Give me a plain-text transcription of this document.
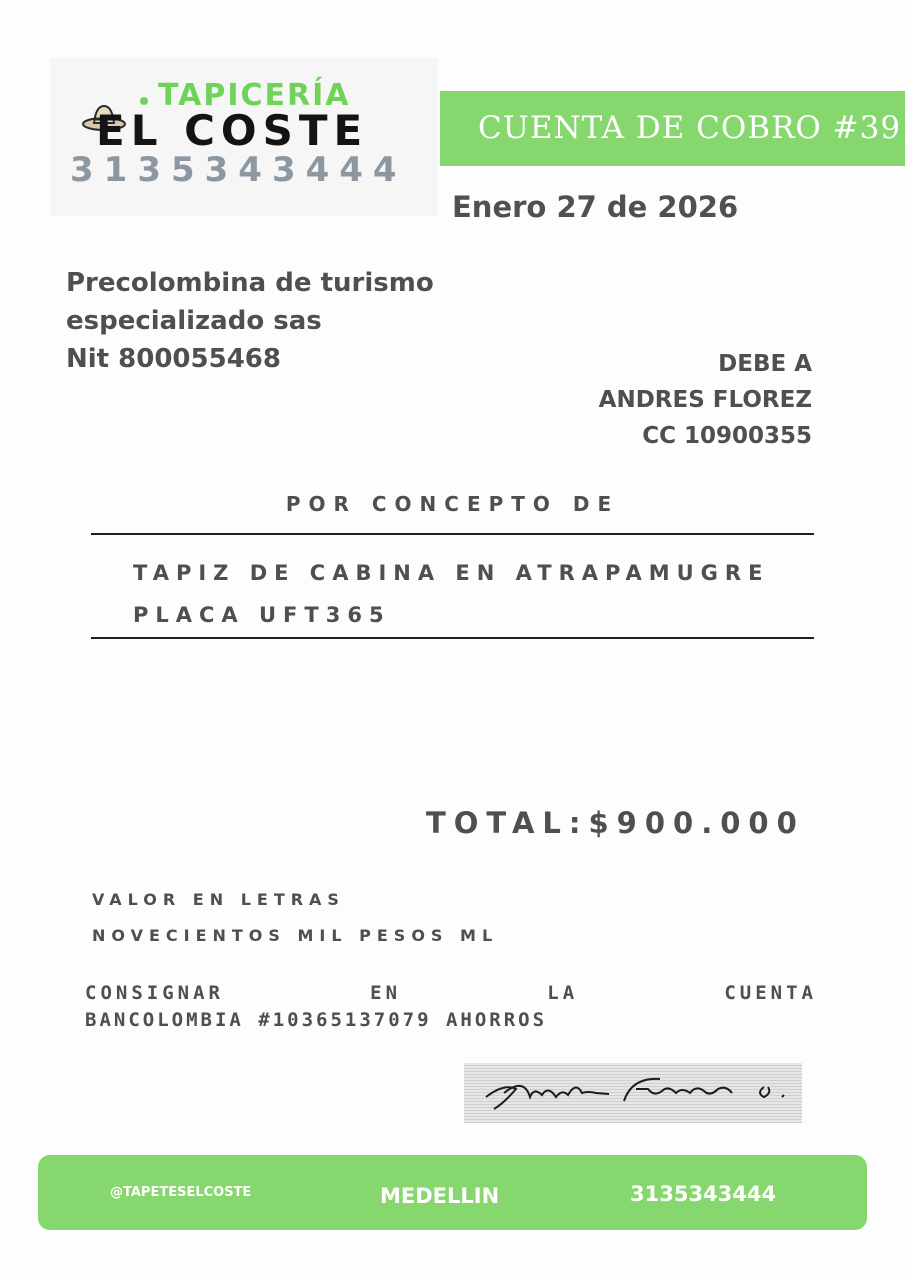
TAPICERÍA
EL COSTE
3135343444
CUENTA DE COBRO #39
Enero 27 de 2026
Precolombina de turismo
especializado sas
Nit 800055468	DEBE A
ANDRES FLOREZ
CC 10900355
POR CONCEPTO DE
TAPIZ DE CABINA EN ATRAPAMUGRE
PLACA UFT365
TOTAL:$900.000
VALOR EN LETRAS
NOVECIENTOS MIL PESOS ML
CONSIGNAR	EN	LA	CUENTA
BANCOLOMBIA #10365137079 AHORROS
@TAPETESELCOSTE	MEDELLIN	3135343444
